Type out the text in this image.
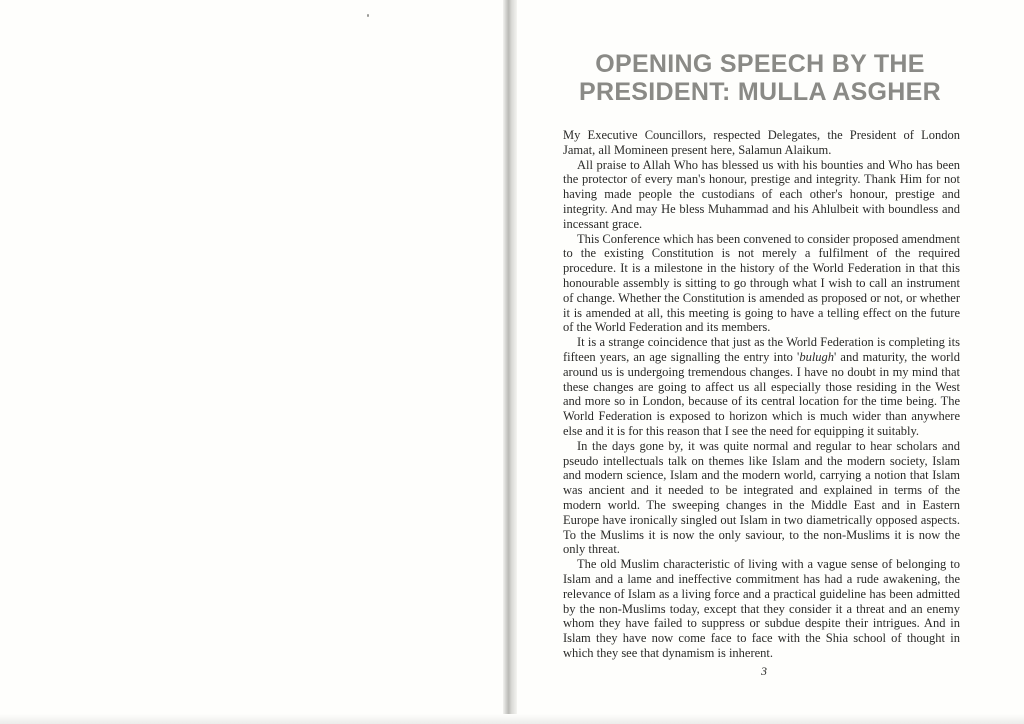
OPENING SPEECH BY THE
PRESIDENT: MULLA ASGHER

My Executive Councillors, respected Delegates, the President of London Jamat, all Momineen present here, Salamun Alaikum.

All praise to Allah Who has blessed us with his bounties and Who has been the protector of every man's honour, prestige and integrity. Thank Him for not having made people the custodians of each other's honour, prestige and integrity. And may He bless Muhammad and his Ahlulbeit with boundless and incessant grace.

This Conference which has been convened to consider proposed amendment to the existing Constitution is not merely a fulfilment of the required procedure. It is a milestone in the history of the World Federation in that this honourable assembly is sitting to go through what I wish to call an instrument of change. Whether the Constitution is amended as proposed or not, or whether it is amended at all, this meeting is going to have a telling effect on the future of the World Federation and its members.

It is a strange coincidence that just as the World Federation is completing its fifteen years, an age signalling the entry into 'bulugh' and maturity, the world around us is undergoing tremendous changes. I have no doubt in my mind that these changes are going to affect us all especially those residing in the West and more so in London, because of its central location for the time being. The World Federation is exposed to horizon which is much wider than anywhere else and it is for this reason that I see the need for equipping it suitably.

In the days gone by, it was quite normal and regular to hear scholars and pseudo intellectuals talk on themes like Islam and the modern society, Islam and modern science, Islam and the modern world, carrying a notion that Islam was ancient and it needed to be integrated and explained in terms of the modern world. The sweeping changes in the Middle East and in Eastern Europe have ironically singled out Islam in two diametrically opposed aspects. To the Muslims it is now the only saviour, to the non-Muslims it is now the only threat.

The old Muslim characteristic of living with a vague sense of belonging to Islam and a lame and ineffective commitment has had a rude awakening, the relevance of Islam as a living force and a practical guideline has been admitted by the non-Muslims today, except that they consider it a threat and an enemy whom they have failed to suppress or subdue despite their intrigues. And in Islam they have now come face to face with the Shia school of thought in which they see that dynamism is inherent.

3
